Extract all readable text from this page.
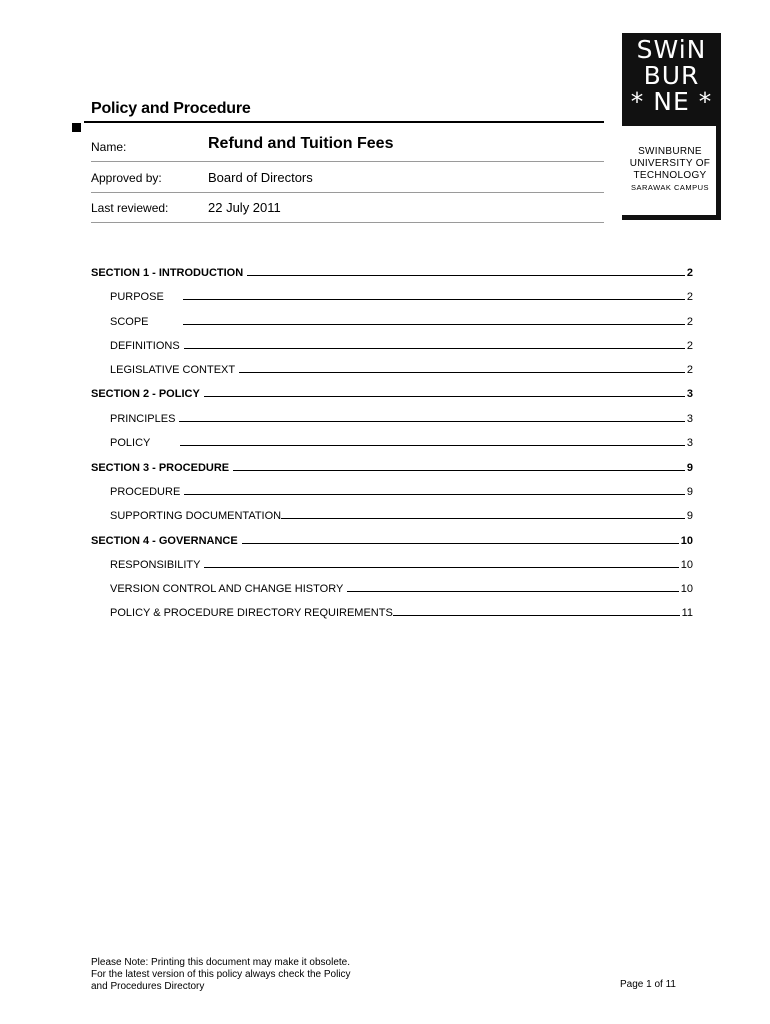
Policy and Procedure
Name:	Refund and Tuition Fees
Approved by:	Board of Directors
Last reviewed:	22 July 2011
SWiN
BUR
* NE *
SWINBURNE
UNIVERSITY OF
TECHNOLOGY
SARAWAK CAMPUS
SECTION 1 - INTRODUCTION	2
PURPOSE	2
SCOPE	2
DEFINITIONS	2
LEGISLATIVE CONTEXT	2
SECTION 2 - POLICY	3
PRINCIPLES	3
POLICY	3
SECTION 3 - PROCEDURE	9
PROCEDURE	9
SUPPORTING DOCUMENTATION	9
SECTION 4 - GOVERNANCE	10
RESPONSIBILITY	10
VERSION CONTROL AND CHANGE HISTORY	10
POLICY & PROCEDURE DIRECTORY REQUIREMENTS	11
Please Note: Printing this document may make it obsolete.
For the latest version of this policy always check the Policy
and Procedures Directory	Page 1 of 11
